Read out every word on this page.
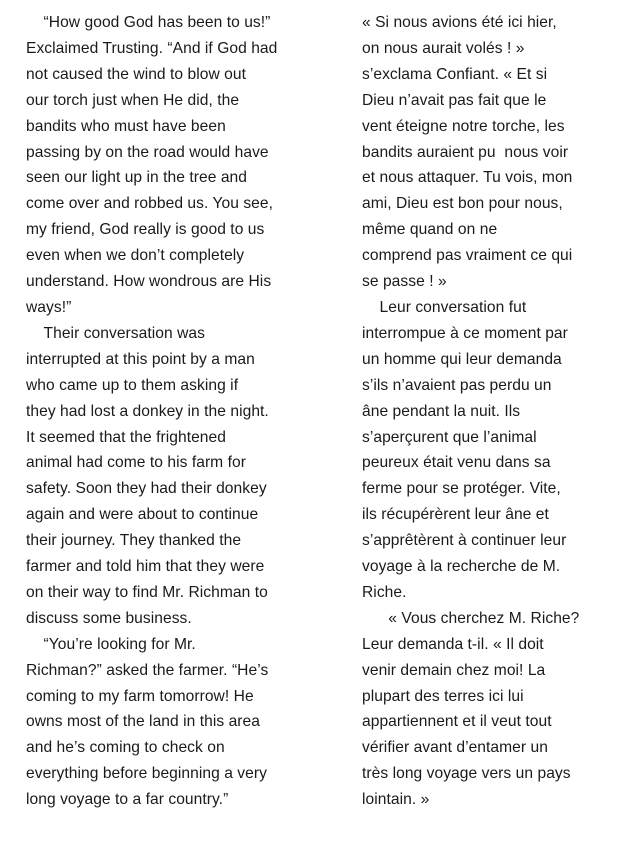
“How good God has been to us!”
Exclaimed Trusting. “And if God had
not caused the wind to blow out
our torch just when He did, the
bandits who must have been
passing by on the road would have
seen our light up in the tree and
come over and robbed us. You see,
my friend, God really is good to us
even when we don’t completely
understand. How wondrous are His
ways!”
Their conversation was
interrupted at this point by a man
who came up to them asking if
they had lost a donkey in the night.
It seemed that the frightened
animal had come to his farm for
safety. Soon they had their donkey
again and were about to continue
their journey. They thanked the
farmer and told him that they were
on their way to find Mr. Richman to
discuss some business.
“You’re looking for Mr.
Richman?” asked the farmer. “He’s
coming to my farm tomorrow! He
owns most of the land in this area
and he’s coming to check on
everything before beginning a very
long voyage to a far country.”
« Si nous avions été ici hier,
on nous aurait volés ! »
s’exclama Confiant. « Et si
Dieu n’avait pas fait que le
vent éteigne notre torche, les
bandits auraient pu  nous voir
et nous attaquer. Tu vois, mon
ami, Dieu est bon pour nous,
même quand on ne
comprend pas vraiment ce qui
se passe ! »
Leur conversation fut
interrompue à ce moment par
un homme qui leur demanda
s’ils n’avaient pas perdu un
âne pendant la nuit. Ils
s’aperçurent que l’animal
peureux était venu dans sa
ferme pour se protéger. Vite,
ils récupérèrent leur âne et
s’apprêtèrent à continuer leur
voyage à la recherche de M.
Riche.
« Vous cherchez M. Riche?
Leur demanda t-il. « Il doit
venir demain chez moi! La
plupart des terres ici lui
appartiennent et il veut tout
vérifier avant d’entamer un
très long voyage vers un pays
lointain. »
